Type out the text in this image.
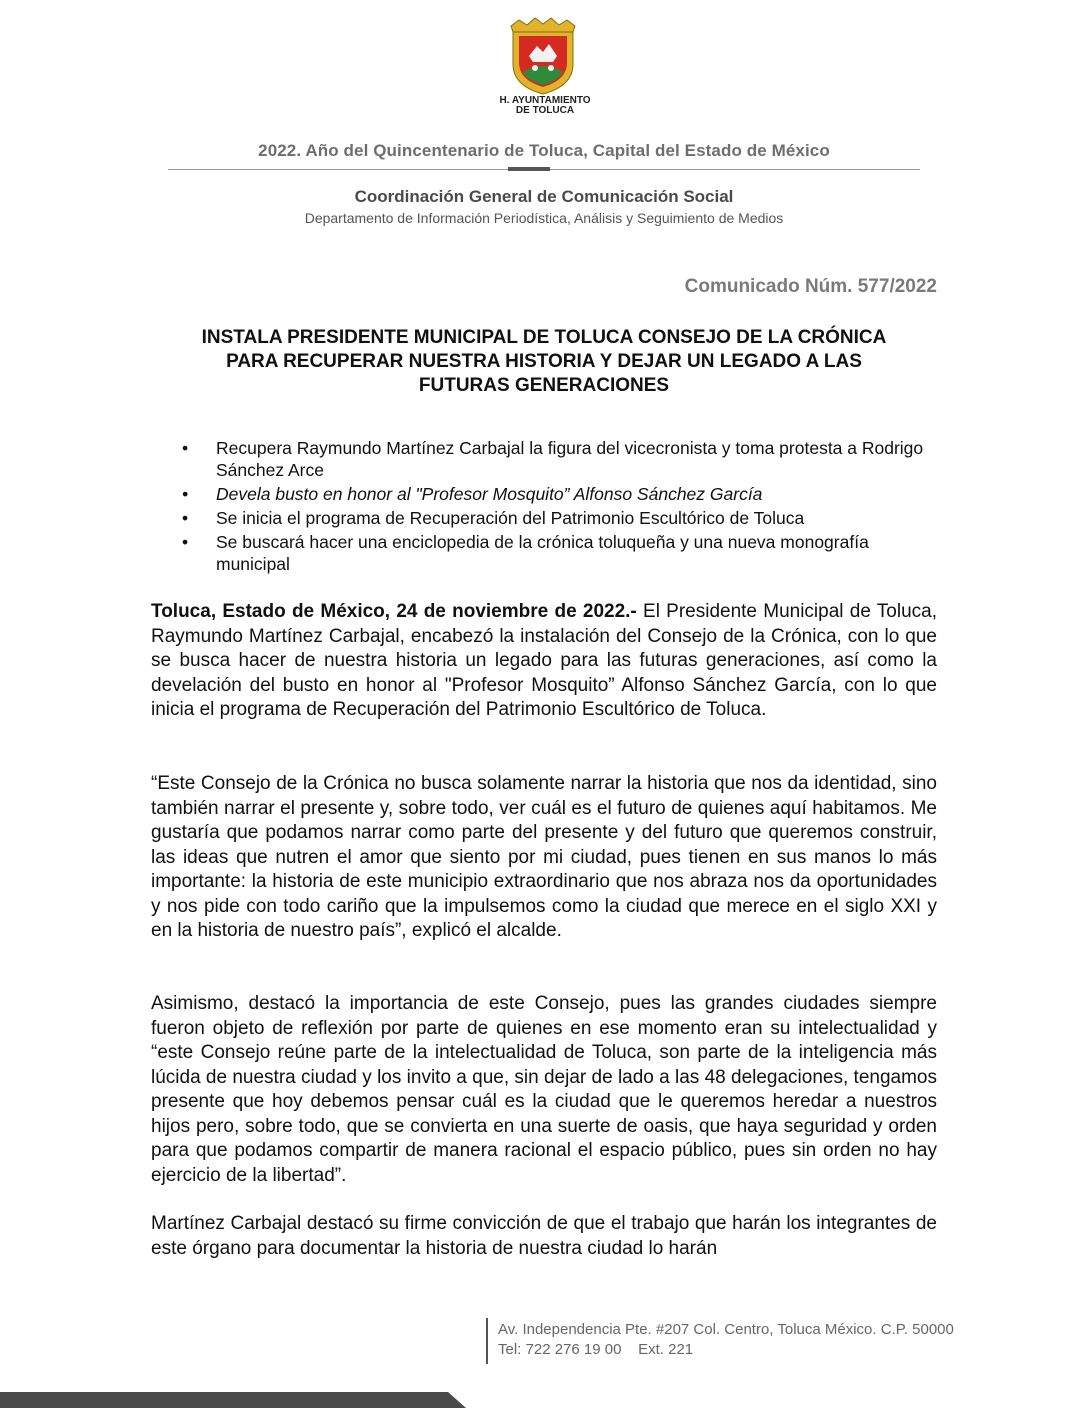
H. AYUNTAMIENTO
DE TOLUCA
2022. Año del Quincentenario de Toluca, Capital del Estado de México
Coordinación General de Comunicación Social
Departamento de Información Periodística, Análisis y Seguimiento de Medios
Comunicado Núm. 577/2022
INSTALA PRESIDENTE MUNICIPAL DE TOLUCA CONSEJO DE LA CRÓNICA
PARA RECUPERAR NUESTRA HISTORIA Y DEJAR UN LEGADO A LAS
FUTURAS GENERACIONES
• Recupera Raymundo Martínez Carbajal la figura del vicecronista y toma protesta a Rodrigo Sánchez Arce
• Devela busto en honor al "Profesor Mosquito” Alfonso Sánchez García
• Se inicia el programa de Recuperación del Patrimonio Escultórico de Toluca
• Se buscará hacer una enciclopedia de la crónica toluqueña y una nueva monografía municipal

Toluca, Estado de México, 24 de noviembre de 2022.- El Presidente Municipal de Toluca, Raymundo Martínez Carbajal, encabezó la instalación del Consejo de la Crónica, con lo que se busca hacer de nuestra historia un legado para las futuras generaciones, así como la develación del busto en honor al "Profesor Mosquito” Alfonso Sánchez García, con lo que inicia el programa de Recuperación del Patrimonio Escultórico de Toluca.

“Este Consejo de la Crónica no busca solamente narrar la historia que nos da identidad, sino también narrar el presente y, sobre todo, ver cuál es el futuro de quienes aquí habitamos. Me gustaría que podamos narrar como parte del presente y del futuro que queremos construir, las ideas que nutren el amor que siento por mi ciudad, pues tienen en sus manos lo más importante: la historia de este municipio extraordinario que nos abraza nos da oportunidades y nos pide con todo cariño que la impulsemos como la ciudad que merece en el siglo XXI y en la historia de nuestro país”, explicó el alcalde.

Asimismo, destacó la importancia de este Consejo, pues las grandes ciudades siempre fueron objeto de reflexión por parte de quienes en ese momento eran su intelectualidad y “este Consejo reúne parte de la intelectualidad de Toluca, son parte de la inteligencia más lúcida de nuestra ciudad y los invito a que, sin dejar de lado a las 48 delegaciones, tengamos presente que hoy debemos pensar cuál es la ciudad que le queremos heredar a nuestros hijos pero, sobre todo, que se convierta en una suerte de oasis, que haya seguridad y orden para que podamos compartir de manera racional el espacio público, pues sin orden no hay ejercicio de la libertad”.

Martínez Carbajal destacó su firme convicción de que el trabajo que harán los integrantes de este órgano para documentar la historia de nuestra ciudad lo harán

Av. Independencia Pte. #207 Col. Centro, Toluca México. C.P. 50000
Tel: 722 276 19 00    Ext. 221
